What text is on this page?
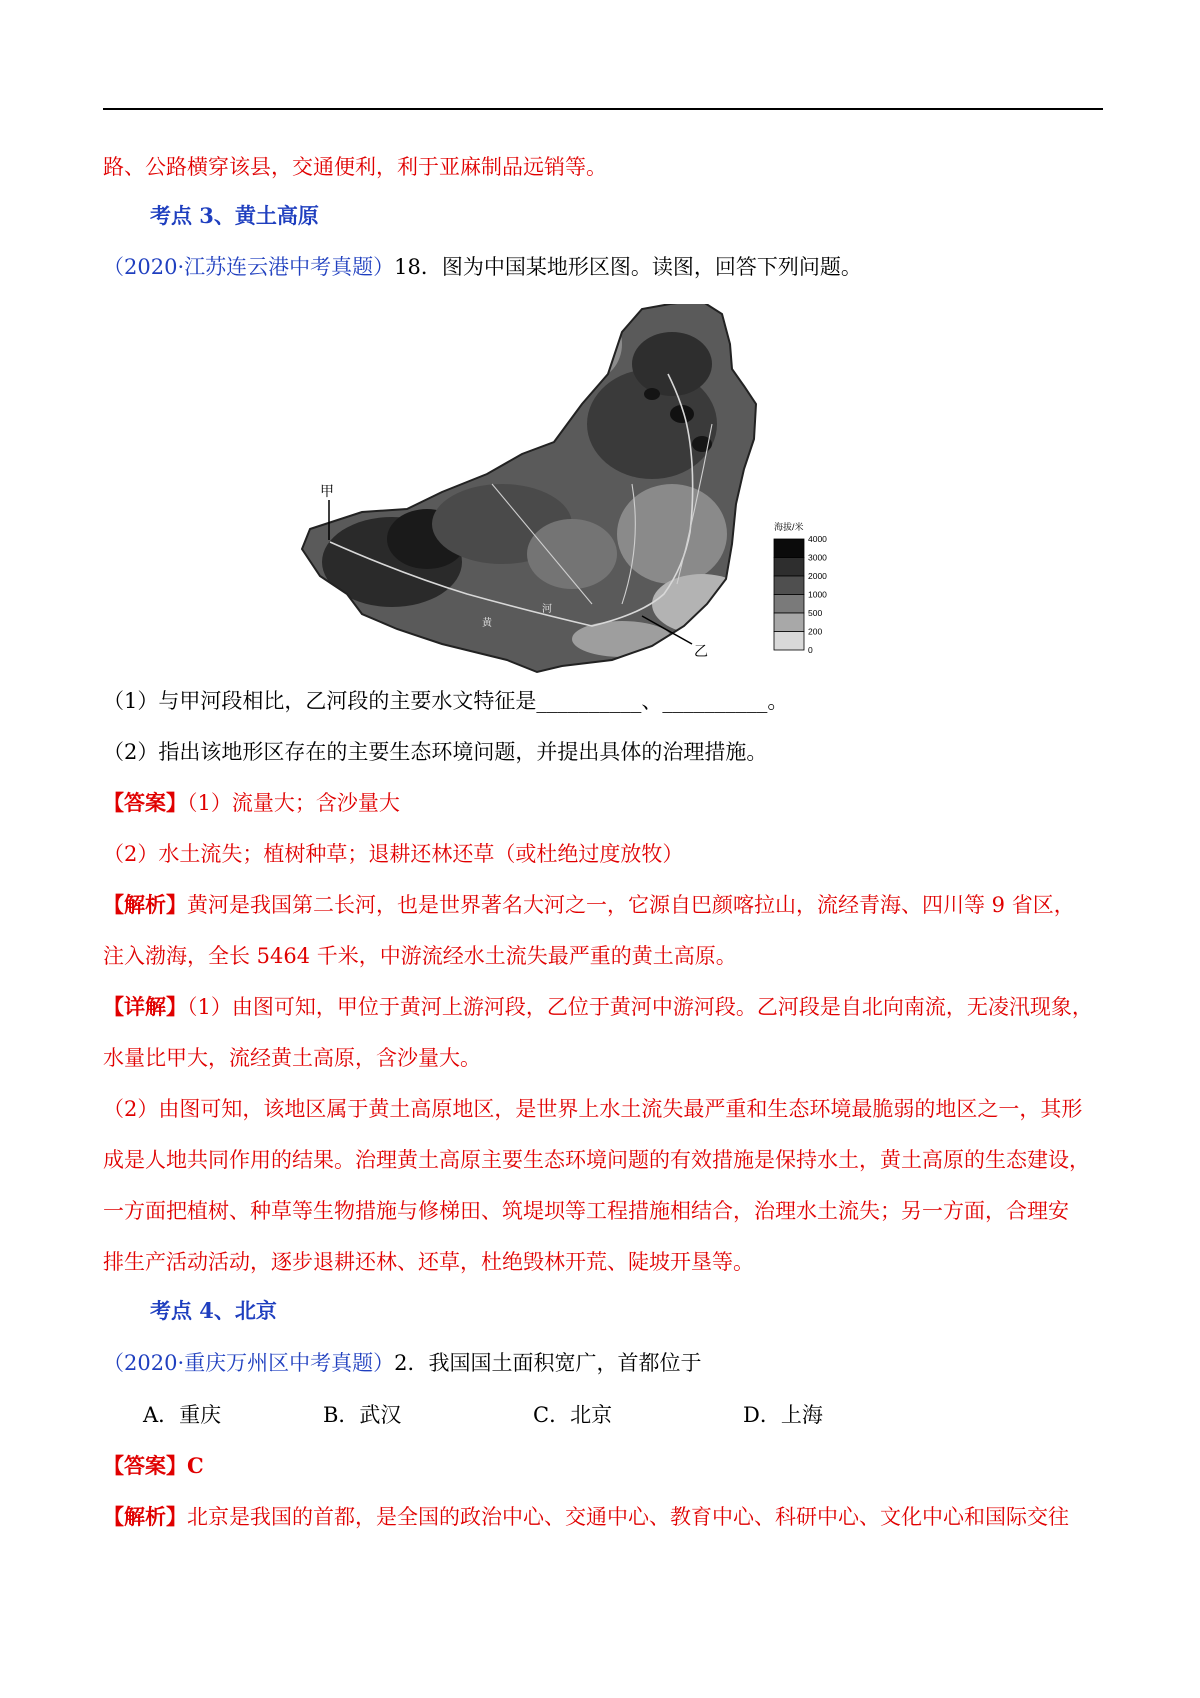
路、公路横穿该县，交通便利，利于亚麻制品远销等。
考点 3、黄土高原
（2020·江苏连云港中考真题）18．图为中国某地形区图。读图，回答下列问题。
甲
乙
黄
河
海拔/米
4000
3000
2000
1000
500
200
0
（1）与甲河段相比，乙河段的主要水文特征是__________、__________。
（2）指出该地形区存在的主要生态环境问题，并提出具体的治理措施。
【答案】（1）流量大；含沙量大
（2）水土流失；植树种草；退耕还林还草（或杜绝过度放牧）
【解析】黄河是我国第二长河，也是世界著名大河之一，它源自巴颜喀拉山，流经青海、四川等 9 省区，
注入渤海，全长 5464 千米，中游流经水土流失最严重的黄土高原。
【详解】（1）由图可知，甲位于黄河上游河段，乙位于黄河中游河段。乙河段是自北向南流，无凌汛现象，
水量比甲大，流经黄土高原，含沙量大。
（2）由图可知，该地区属于黄土高原地区，是世界上水土流失最严重和生态环境最脆弱的地区之一，其形
成是人地共同作用的结果。治理黄土高原主要生态环境问题的有效措施是保持水土，黄土高原的生态建设，
一方面把植树、种草等生物措施与修梯田、筑堤坝等工程措施相结合，治理水土流失；另一方面，合理安
排生产活动活动，逐步退耕还林、还草，杜绝毁林开荒、陡坡开垦等。
考点 4、北京
（2020·重庆万州区中考真题）2．我国国土面积宽广，首都位于
A．重庆	B．武汉	C．北京	D．上海
【答案】C
【解析】北京是我国的首都，是全国的政治中心、交通中心、教育中心、科研中心、文化中心和国际交往
